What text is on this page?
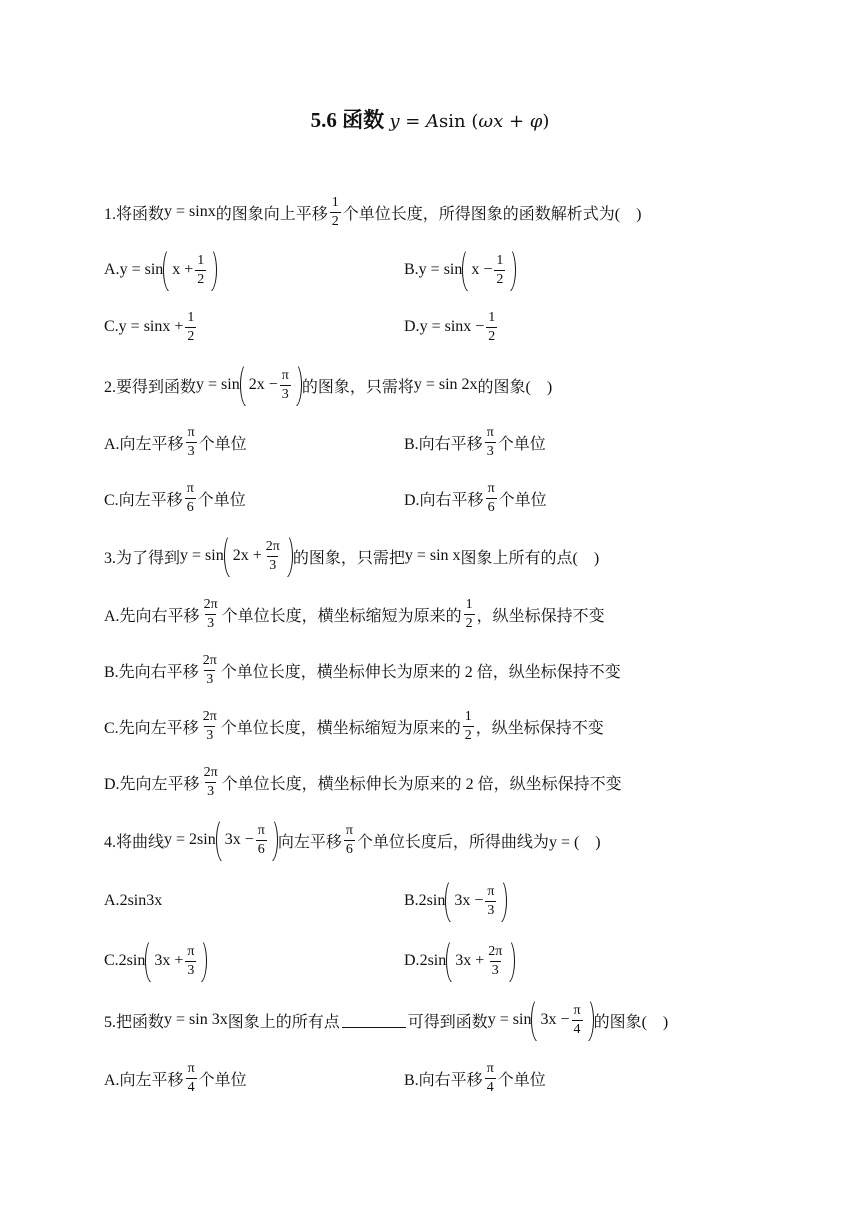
5.6 函数 y = Asin (ωx + φ)
1.将函数 y = sinx 的图象向上平移 $\frac{1}{2}$ 个单位长度，所得图象的函数解析式为(　)
A. $y = \sin x + \frac{1}{2}$	B. $y = \sin x - \frac{1}{2}$
C. $y = \sin x + \frac{1}{2}$	D. $y = \sin x - \frac{1}{2}$
2.要得到函数 $y = \sin 2x - \frac{\pi}{3}$ 的图象，只需将 y = sin 2x 的图象(　)
A.向左平移 $\frac{\pi}{3}$ 个单位	B.向右平移 $\frac{\pi}{3}$ 个单位
C.向左平移 $\frac{\pi}{6}$ 个单位	D.向右平移 $\frac{\pi}{6}$ 个单位
3.为了得到 $y = \sin 2x + \frac{2\pi}{3}$ 的图象，只需把 y = sin x 图象上所有的点(　)
A.先向右平移 $\frac{2\pi}{3}$ 个单位长度，横坐标缩短为原来的 $\frac{1}{2}$ ，纵坐标保持不变
B.先向右平移 $\frac{2\pi}{3}$ 个单位长度，横坐标伸长为原来的 2 倍，纵坐标保持不变
C.先向左平移 $\frac{2\pi}{3}$ 个单位长度，横坐标缩短为原来的 $\frac{1}{2}$ ，纵坐标保持不变
D.先向左平移 $\frac{2\pi}{3}$ 个单位长度，横坐标伸长为原来的 2 倍，纵坐标保持不变
4.将曲线 y = 2sin $3x - \frac{\pi}{6}$ 向左平移 $\frac{\pi}{6}$ 个单位长度后，所得曲线为 y = (　)
A. 2sin3x	B. 2sin $3x - \frac{\pi}{3}$
C. 2sin $3x + \frac{\pi}{3}$	D. 2sin $3x + \frac{2\pi}{3}$
5.把函数 y = sin 3x 图象上的所有点	可得到函数 $y = \sin 3x - \frac{\pi}{4}$ 的图象(　)
A.向左平移 $\frac{\pi}{4}$ 个单位	B.向右平移 $\frac{\pi}{4}$ 个单位
